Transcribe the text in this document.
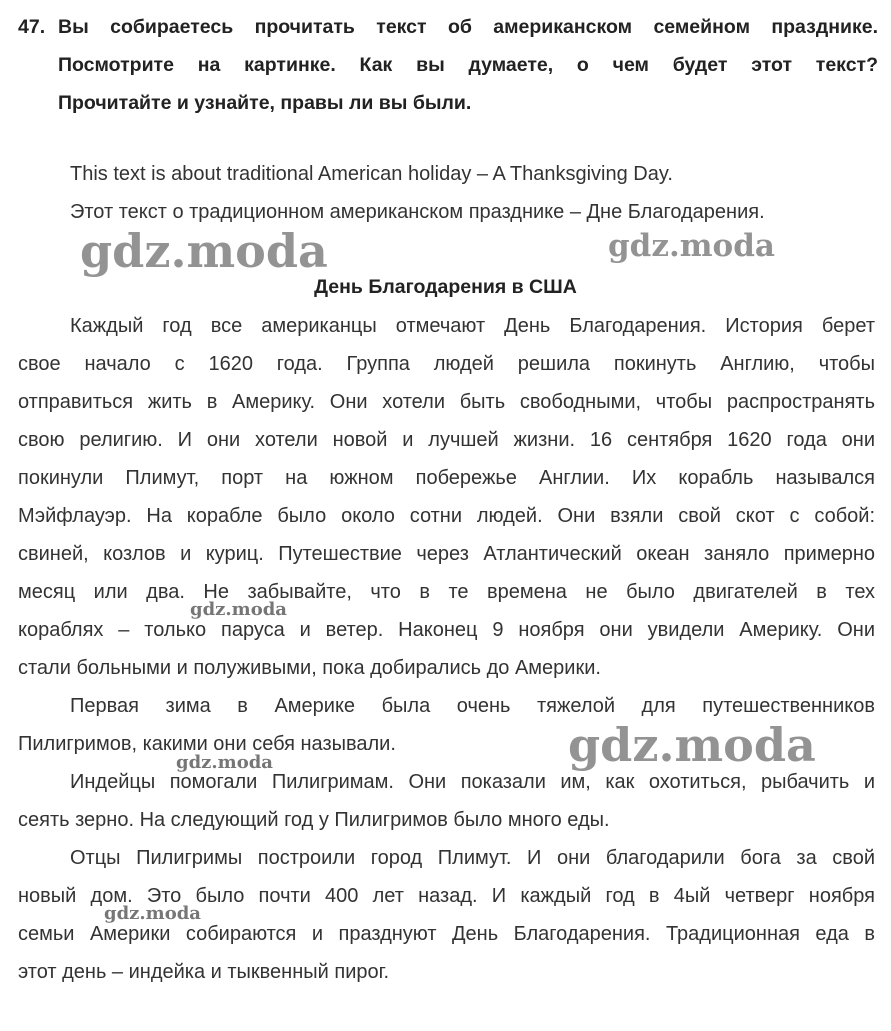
47. Вы собираетесь прочитать текст об американском семейном празднике.
Посмотрите на картинке. Как вы думаете, о чем будет этот текст?
Прочитайте и узнайте, правы ли вы были.
This text is about traditional American holiday – A Thanksgiving Day.
Этот текст о традиционном американском празднике – Дне Благодарения.
День Благодарения в США
Каждый год все американцы отмечают День Благодарения. История берет
свое начало с 1620 года. Группа людей решила покинуть Англию, чтобы
отправиться жить в Америку. Они хотели быть свободными, чтобы распространять
свою религию. И они хотели новой и лучшей жизни. 16 сентября 1620 года они
покинули Плимут, порт на южном побережье Англии. Их корабль назывался
Мэйфлауэр. На корабле было около сотни людей. Они взяли свой скот с собой:
свиней, козлов и куриц. Путешествие через Атлантический океан заняло примерно
месяц или два. Не забывайте, что в те времена не было двигателей в тех
кораблях – только паруса и ветер. Наконец 9 ноября они увидели Америку. Они
стали больными и полуживыми, пока добирались до Америки.
Первая зима в Америке была очень тяжелой для путешественников
Пилигримов, какими они себя называли.
Индейцы помогали Пилигримам. Они показали им, как охотиться, рыбачить и
сеять зерно. На следующий год у Пилигримов было много еды.
Отцы Пилигримы построили город Плимут. И они благодарили бога за свой
новый дом. Это было почти 400 лет назад. И каждый год в 4ый четверг ноября
семьи Америки собираются и празднуют День Благодарения. Традиционная еда в
этот день – индейка и тыквенный пирог.
gdz.moda	gdz.moda
gdz.moda
gdz.moda
gdz.moda
gdz.moda
